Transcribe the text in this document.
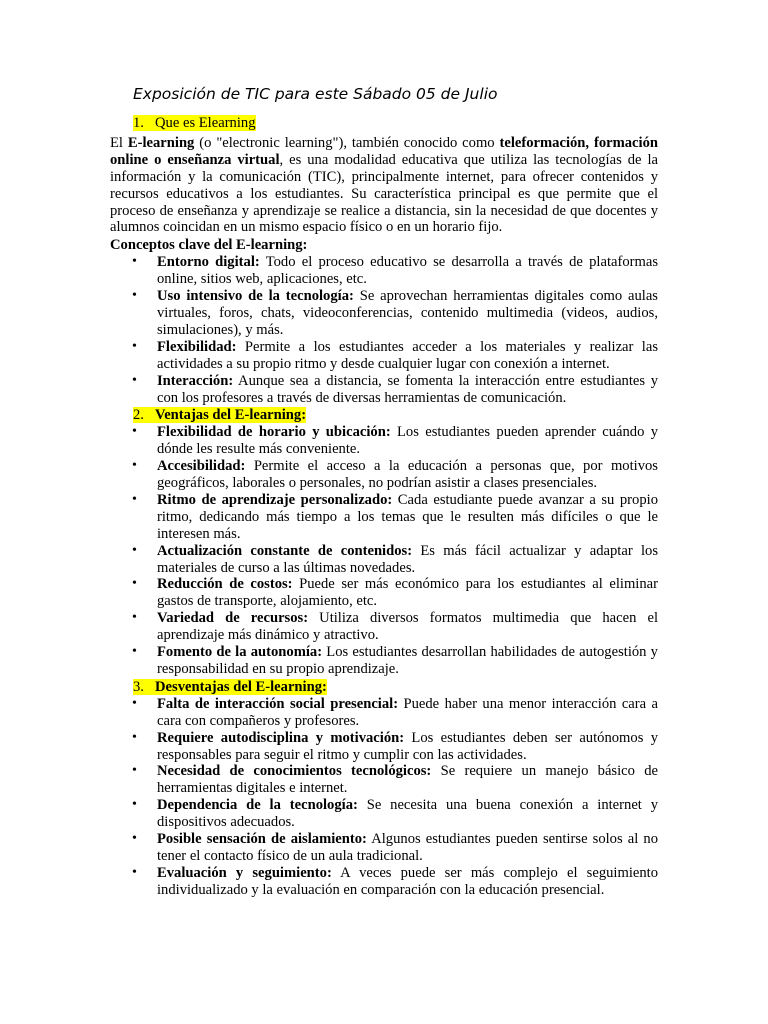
Exposición de TIC para este Sábado 05 de Julio
1. Que es Elearning

El E-learning (o "electronic learning"), también conocido como teleformación, formación online o enseñanza virtual, es una modalidad educativa que utiliza las tecnologías de la información y la comunicación (TIC), principalmente internet, para ofrecer contenidos y recursos educativos a los estudiantes. Su característica principal es que permite que el proceso de enseñanza y aprendizaje se realice a distancia, sin la necesidad de que docentes y alumnos coincidan en un mismo espacio físico o en un horario fijo.

Conceptos clave del E-learning:
• Entorno digital: Todo el proceso educativo se desarrolla a través de plataformas online, sitios web, aplicaciones, etc.
• Uso intensivo de la tecnología: Se aprovechan herramientas digitales como aulas virtuales, foros, chats, videoconferencias, contenido multimedia (videos, audios, simulaciones), y más.
• Flexibilidad: Permite a los estudiantes acceder a los materiales y realizar las actividades a su propio ritmo y desde cualquier lugar con conexión a internet.
• Interacción: Aunque sea a distancia, se fomenta la interacción entre estudiantes y con los profesores a través de diversas herramientas de comunicación.
2. Ventajas del E-learning:
• Flexibilidad de horario y ubicación: Los estudiantes pueden aprender cuándo y dónde les resulte más conveniente.
• Accesibilidad: Permite el acceso a la educación a personas que, por motivos geográficos, laborales o personales, no podrían asistir a clases presenciales.
• Ritmo de aprendizaje personalizado: Cada estudiante puede avanzar a su propio ritmo, dedicando más tiempo a los temas que le resulten más difíciles o que le interesen más.
• Actualización constante de contenidos: Es más fácil actualizar y adaptar los materiales de curso a las últimas novedades.
• Reducción de costos: Puede ser más económico para los estudiantes al eliminar gastos de transporte, alojamiento, etc.
• Variedad de recursos: Utiliza diversos formatos multimedia que hacen el aprendizaje más dinámico y atractivo.
• Fomento de la autonomía: Los estudiantes desarrollan habilidades de autogestión y responsabilidad en su propio aprendizaje.
3. Desventajas del E-learning:
• Falta de interacción social presencial: Puede haber una menor interacción cara a cara con compañeros y profesores.
• Requiere autodisciplina y motivación: Los estudiantes deben ser autónomos y responsables para seguir el ritmo y cumplir con las actividades.
• Necesidad de conocimientos tecnológicos: Se requiere un manejo básico de herramientas digitales e internet.
• Dependencia de la tecnología: Se necesita una buena conexión a internet y dispositivos adecuados.
• Posible sensación de aislamiento: Algunos estudiantes pueden sentirse solos al no tener el contacto físico de un aula tradicional.
• Evaluación y seguimiento: A veces puede ser más complejo el seguimiento individualizado y la evaluación en comparación con la educación presencial.
